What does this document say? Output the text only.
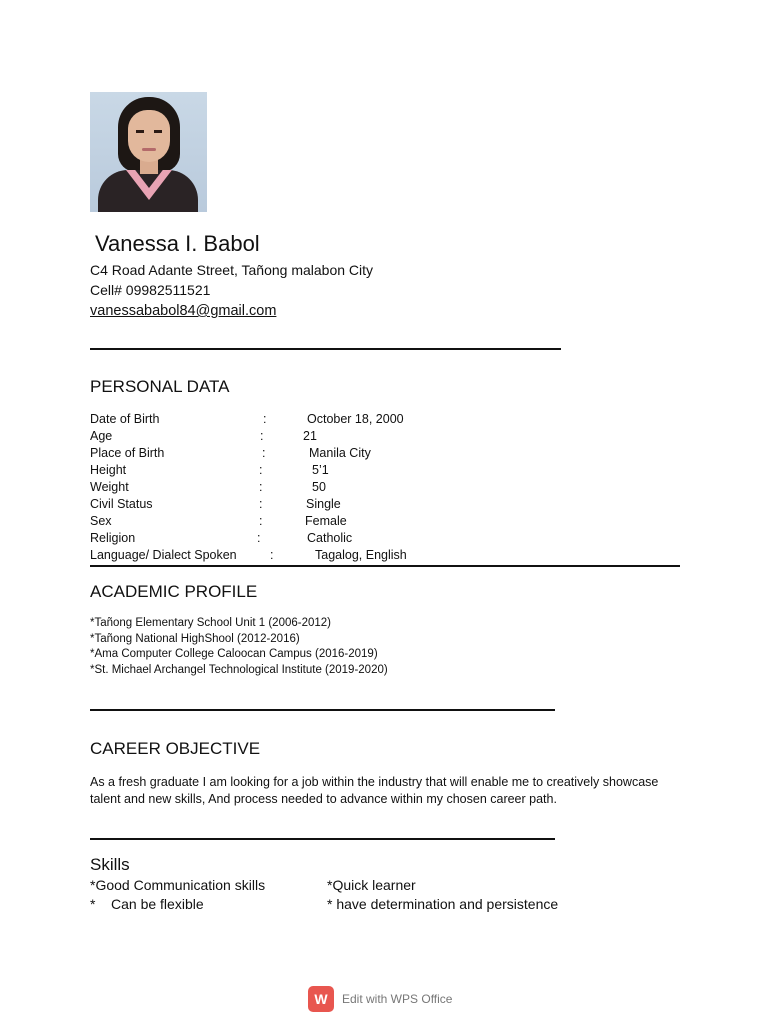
Vanessa I. Babol
C4 Road Adante Street, Tañong malabon City
Cell# 09982511521
vanessababol84@gmail.com
PERSONAL DATA
Date of Birth	:	October 18, 2000
Age	:	21
Place of Birth	:	Manila City
Height	:	5’1
Weight	:	50
Civil Status	:	Single
Sex	:	Female
Religion	:	Catholic
Language/ Dialect Spoken	:	Tagalog, English
ACADEMIC PROFILE
*Tañong Elementary School Unit 1 (2006-2012)
*Tañong National HighShool (2012-2016)
*Ama Computer College Caloocan Campus (2016-2019)
*St. Michael Archangel Technological Institute (2019-2020)
CAREER OBJECTIVE
As a fresh graduate I am looking for a job within the industry that will enable me to creatively showcase
talent and new skills, And process needed to advance within my chosen career path.
Skills
*Good Communication skills	*Quick learner
*    Can be flexible	* have determination and persistence
W	Edit with WPS Office
